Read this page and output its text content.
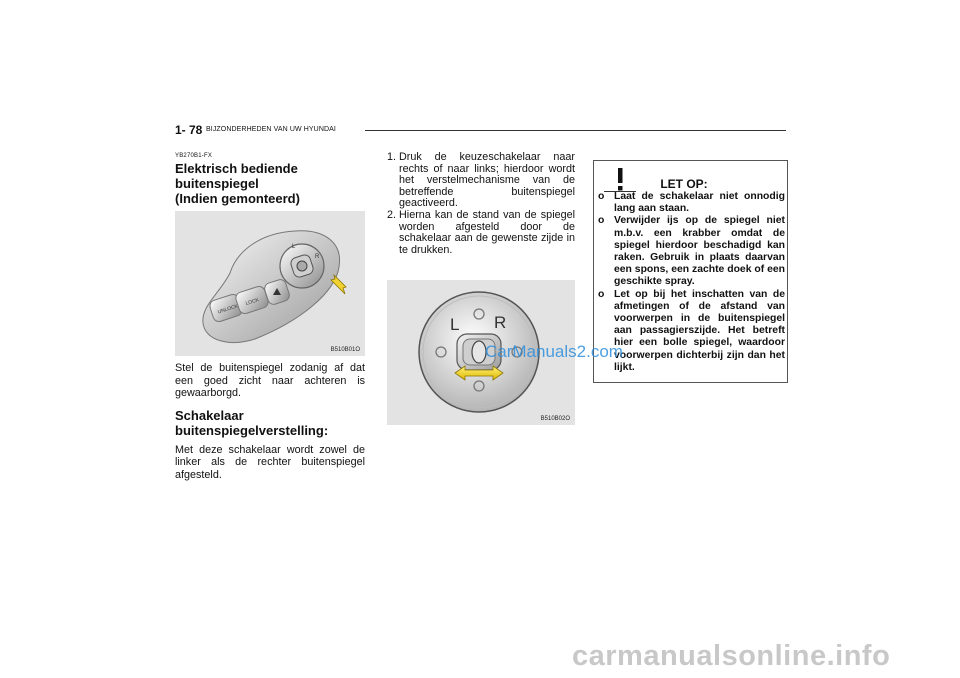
1- 78 BIJZONDERHEDEN VAN UW HYUNDAI
YB270B1-FX
Elektrisch bediende
buitenspiegel
(Indien gemonteerd)
UNLOCK
LOCK
L
R
B510B01O

Stel de buitenspiegel zodanig af dat een goed zicht naar achteren is gewaarborgd.

Schakelaar
buitenspiegelverstelling:

Met deze schakelaar wordt zowel de linker als de rechter buitenspiegel afgesteld.

1. Druk de keuzeschakelaar naar rechts of naar links; hierdoor wordt het verstelmechanisme van de betreffende buitenspiegel geactiveerd.
2. Hierna kan de stand van de spiegel worden afgesteld door de schakelaar aan de gewenste zijde in te drukken.
L R
B510B02O
LET OP:
o Laat de schakelaar niet onnodig lang aan staan.
o Verwijder ijs op de spiegel niet m.b.v. een krabber omdat de spiegel hierdoor beschadigd kan raken. Gebruik in plaats daarvan een spons, een zachte doek of een geschikte spray.
o Let op bij het inschatten van de afmetingen of de afstand van voorwerpen in de buitenspiegel aan passagierszijde. Het betreft hier een bolle spiegel, waardoor voorwerpen dichterbij zijn dan het lijkt.
CarManuals2.com
carmanualsonline.info
